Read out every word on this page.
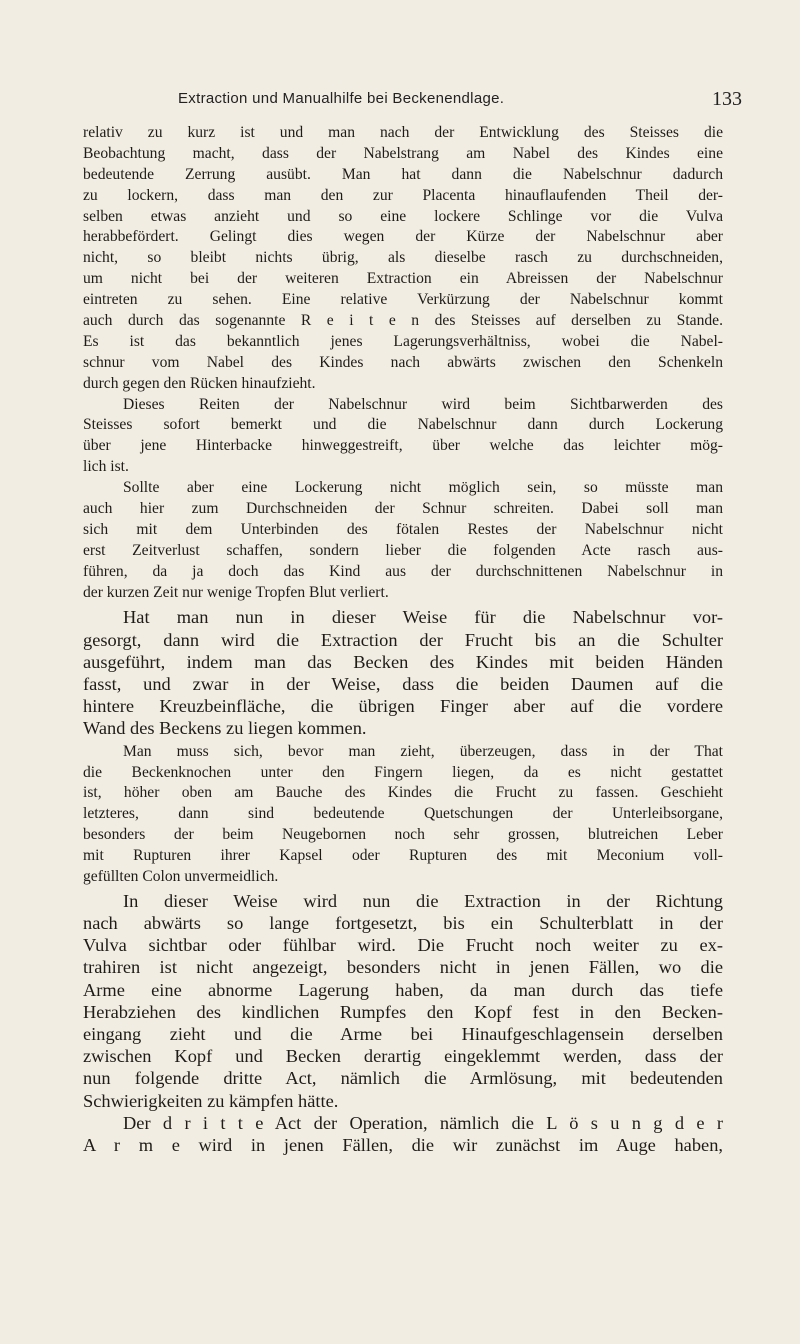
Extraction und Manualhilfe bei Beckenendlage.	133
relativ zu kurz ist und man nach der Entwicklung des Steisses die
Beobachtung macht, dass der Nabelstrang am Nabel des Kindes eine
bedeutende Zerrung ausübt. Man hat dann die Nabelschnur dadurch
zu lockern, dass man den zur Placenta hinauflaufenden Theil der-
selben etwas anzieht und so eine lockere Schlinge vor die Vulva
herabbefördert. Gelingt dies wegen der Kürze der Nabelschnur aber
nicht, so bleibt nichts übrig, als dieselbe rasch zu durchschneiden,
um nicht bei der weiteren Extraction ein Abreissen der Nabelschnur
eintreten zu sehen. Eine relative Verkürzung der Nabelschnur kommt
auch durch das sogenannte R e i t e n des Steisses auf derselben zu Stande.
Es ist das bekanntlich jenes Lagerungsverhältniss, wobei die Nabel-
schnur vom Nabel des Kindes nach abwärts zwischen den Schenkeln
durch gegen den Rücken hinaufzieht.
Dieses Reiten der Nabelschnur wird beim Sichtbarwerden des
Steisses sofort bemerkt und die Nabelschnur dann durch Lockerung
über jene Hinterbacke hinweggestreift, über welche das leichter mög-
lich ist.
Sollte aber eine Lockerung nicht möglich sein, so müsste man
auch hier zum Durchschneiden der Schnur schreiten. Dabei soll man
sich mit dem Unterbinden des fötalen Restes der Nabelschnur nicht
erst Zeitverlust schaffen, sondern lieber die folgenden Acte rasch aus-
führen, da ja doch das Kind aus der durchschnittenen Nabelschnur in
der kurzen Zeit nur wenige Tropfen Blut verliert.
Hat man nun in dieser Weise für die Nabelschnur vor-
gesorgt, dann wird die Extraction der Frucht bis an die Schulter
ausgeführt, indem man das Becken des Kindes mit beiden Händen
fasst, und zwar in der Weise, dass die beiden Daumen auf die
hintere Kreuzbeinfläche, die übrigen Finger aber auf die vordere
Wand des Beckens zu liegen kommen.
Man muss sich, bevor man zieht, überzeugen, dass in der That
die Beckenknochen unter den Fingern liegen, da es nicht gestattet
ist, höher oben am Bauche des Kindes die Frucht zu fassen. Geschieht
letzteres, dann sind bedeutende Quetschungen der Unterleibsorgane,
besonders der beim Neugebornen noch sehr grossen, blutreichen Leber
mit Rupturen ihrer Kapsel oder Rupturen des mit Meconium voll-
gefüllten Colon unvermeidlich.
In dieser Weise wird nun die Extraction in der Richtung
nach abwärts so lange fortgesetzt, bis ein Schulterblatt in der
Vulva sichtbar oder fühlbar wird. Die Frucht noch weiter zu ex-
trahiren ist nicht angezeigt, besonders nicht in jenen Fällen, wo die
Arme eine abnorme Lagerung haben, da man durch das tiefe
Herabziehen des kindlichen Rumpfes den Kopf fest in den Becken-
eingang zieht und die Arme bei Hinaufgeschlagensein derselben
zwischen Kopf und Becken derartig eingeklemmt werden, dass der
nun folgende dritte Act, nämlich die Armlösung, mit bedeutenden
Schwierigkeiten zu kämpfen hätte.
Der d r i t t e Act der Operation, nämlich die L ö s u n g d e r
A r m e wird in jenen Fällen, die wir zunächst im Auge haben,
